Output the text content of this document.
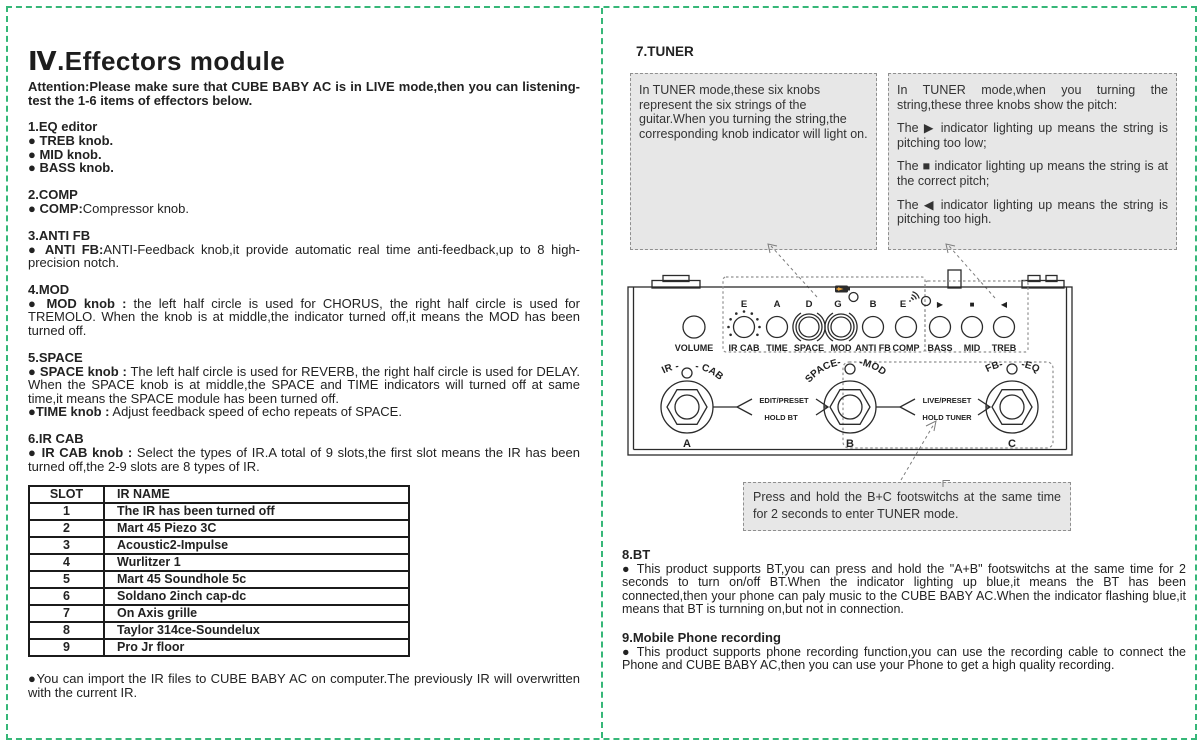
Ⅳ.Effectors module
Attention:Please make sure that CUBE BABY AC is in LIVE mode,then you can listening-test the 1-6 items of effectors below.
1.EQ editor
● TREB knob.
● MID knob.
● BASS knob.
2.COMP

● COMP:Compressor knob.

3.ANTI FB

● ANTI FB:ANTI-Feedback knob,it provide automatic real time anti-feedback,up to 8 high-precision notch.

4.MOD

● MOD knob : the left half circle is used for CHORUS, the right half circle is used for TREMOLO. When the knob is at middle,the indicator turned off,it means the MOD has been turned off.

5.SPACE

● SPACE knob : The left half circle is used for REVERB, the right half circle is used for DELAY. When the SPACE knob is at middle,the SPACE and TIME indicators will turned off at same time,it means the SPACE module has been turned off.

●TIME knob : Adjust feedback speed of echo repeats of SPACE.

6.IR CAB

● IR CAB knob : Select the types of IR.A total of 9 slots,the first slot means the IR has been turned off,the 2-9 slots are 8 types of IR.

SLOT	IR NAME
1	The IR has been turned off
2	Mart 45 Piezo 3C
3	Acoustic2-Impulse
4	Wurlitzer 1
5	Mart 45 Soundhole 5c
6	Soldano 2inch cap-dc
7	On Axis grille
8	Taylor 314ce-Soundelux
9	Pro Jr floor
●You can import the IR files to CUBE BABY AC on computer.The previously IR will overwritten with the current IR.
7.TUNER
In TUNER mode,these six knobs represent the six strings of the guitar.When you turning the string,the corresponding knob indicator will light on.

In TUNER mode,when you turning the string,these three knobs show the pitch:

The ▶ indicator lighting up means the string is pitching too low;

The ■ indicator lighting up means the string is at the correct pitch;

The ◀ indicator lighting up means the string is pitching too high.

Press and hold the B+C footswitchs at the same time for 2 seconds to enter TUNER mode.
E	A	D G	B E	▶	■	◀
VOLUME IR CAB TIME SPACE MOD ANTI FB COMP BASS MID TREB
IR - - CAB
A
SPACE- -MOD
B
FB- -EQ
C
EDIT/PRESET
HOLD BT
LIVE/PRESET
HOLD TUNER
8.BT

● This product supports BT,you can press and hold the "A+B" footswitchs at the same time for 2 seconds to turn on/off BT.When the indicator lighting up blue,it means the BT has been connected,then your phone can paly music to the CUBE BABY AC.When the indicator flashing blue,it means that BT is turnning on,but not in connection.

9.Mobile Phone recording

● This product supports phone recording function,you can use the recording cable to connect the Phone and CUBE BABY AC,then you can use your Phone to get a high quality recording.
